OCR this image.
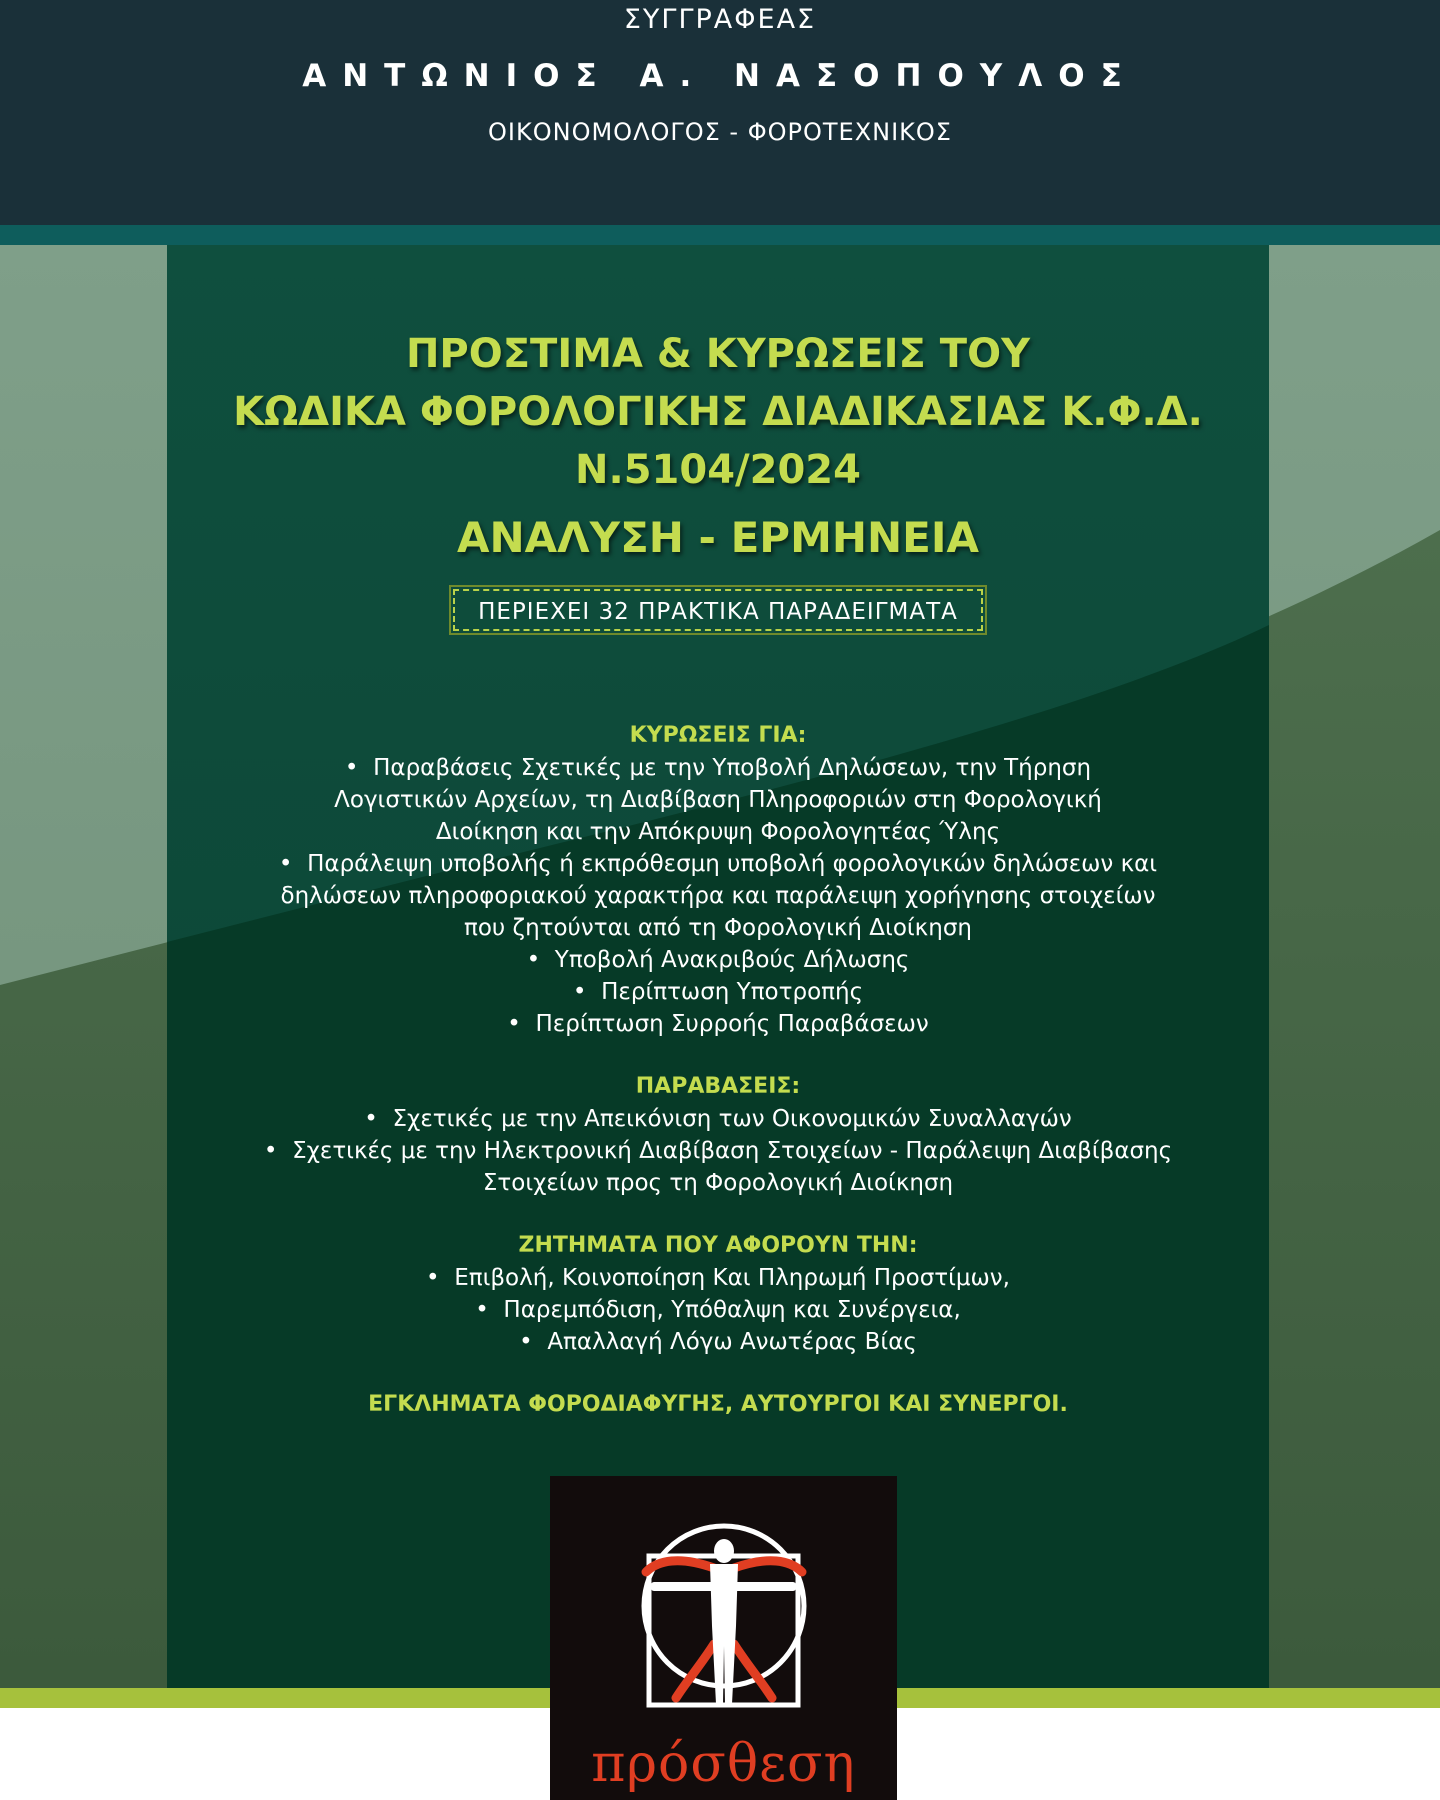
ΣΥΓΓΡΑΦΕΑΣ
ΑΝΤΩΝΙΟΣ Α. ΝΑΣΟΠΟΥΛΟΣ
ΟΙΚΟΝΟΜΟΛΟΓΟΣ - ΦΟΡΟΤΕΧΝΙΚΟΣ
ΠΡΟΣΤΙΜΑ & ΚΥΡΩΣΕΙΣ ΤΟΥ
ΚΩΔΙΚΑ ΦΟΡΟΛΟΓΙΚΗΣ ΔΙΑΔΙΚΑΣΙΑΣ Κ.Φ.Δ.
Ν.5104/2024
ΑΝΑΛΥΣΗ - ΕΡΜΗΝΕΙΑ
ΠΕΡΙΕΧΕΙ 32 ΠΡΑΚΤΙΚΑ ΠΑΡΑΔΕΙΓΜΑΤΑ
ΚΥΡΩΣΕΙΣ ΓΙΑ:
•  Παραβάσεις Σχετικές με την Υποβολή Δηλώσεων, την Τήρηση
Λογιστικών Αρχείων, τη Διαβίβαση Πληροφοριών στη Φορολογική
Διοίκηση και την Απόκρυψη Φορολογητέας Ύλης
•  Παράλειψη υποβολής ή εκπρόθεσμη υποβολή φορολογικών δηλώσεων και
δηλώσεων πληροφοριακού χαρακτήρα και παράλειψη χορήγησης στοιχείων
που ζητούνται από τη Φορολογική Διοίκηση
•  Υποβολή Ανακριβούς Δήλωσης
•  Περίπτωση Υποτροπής
•  Περίπτωση Συρροής Παραβάσεων
ΠΑΡΑΒΑΣΕΙΣ:
•  Σχετικές με την Απεικόνιση των Οικονομικών Συναλλαγών
•  Σχετικές με την Ηλεκτρονική Διαβίβαση Στοιχείων - Παράλειψη Διαβίβασης
Στοιχείων προς τη Φορολογική Διοίκηση
ΖΗΤΗΜΑΤΑ ΠΟΥ ΑΦΟΡΟΥΝ ΤΗΝ:
•  Επιβολή, Κοινοποίηση Και Πληρωμή Προστίμων,
•  Παρεμπόδιση, Υπόθαλψη και Συνέργεια,
•  Απαλλαγή Λόγω Ανωτέρας Βίας
ΕΓΚΛΗΜΑΤΑ ΦΟΡΟΔΙΑΦΥΓΗΣ, ΑΥΤΟΥΡΓΟΙ ΚΑΙ ΣΥΝΕΡΓΟΙ.
πρόσθεση
